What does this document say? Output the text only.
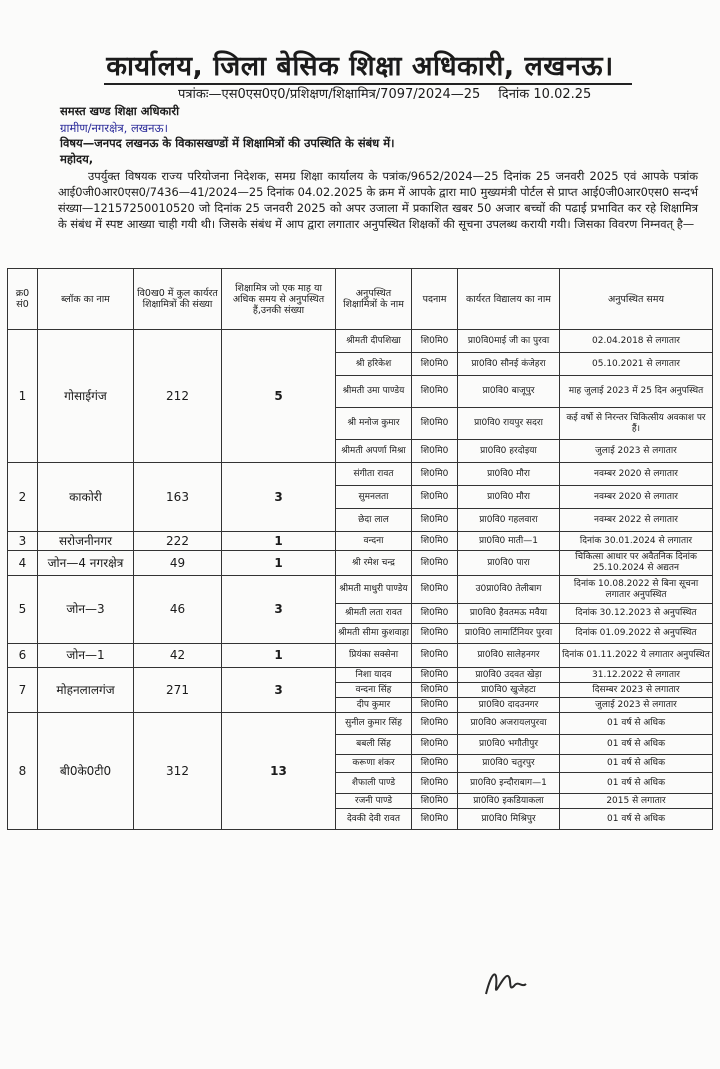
कार्यालय, जिला बेसिक शिक्षा अधिकारी, लखनऊ।
पत्रांकः—एस0एस0ए0/प्रशिक्षण/शिक्षामित्र/7097/2024—25 दिनांक 10.02.25
समस्त खण्ड शिक्षा अधिकारी
ग्रामीण/नगरक्षेत्र, लखनऊ।
विषय—जनपद लखनऊ के विकासखण्डों में शिक्षामित्रों की उपस्थिति के संबंध में।
महोदय,
उपर्युक्त विषयक राज्य परियोजना निदेशक, समग्र शिक्षा कार्यालय के पत्रांक/9652/2024—25 दिनांक 25 जनवरी 2025 एवं आपके पत्रांक आई0जी0आर0एस0/7436—41/2024—25 दिनांक 04.02.2025 के क्रम में आपके द्वारा मा0 मुख्यमंत्री पोर्टल से प्राप्त आई0जी0आर0एस0 सन्दर्भ संख्या—12157250010520 जो दिनांक 25 जनवरी 2025 को अपर उजाला में प्रकाशित खबर 50 अजार बच्चों की पढाई प्रभावित कर रहे शिक्षामित्र के संबंध में स्पष्ट आख्या चाही गयी थी। जिसके संबंध में आप द्वारा लगातार अनुपस्थित शिक्षकों की सूचना उपलब्ध करायी गयी। जिसका विवरण निम्नवत् है—
क्र0 सं0	ब्लॉक का नाम	वि0ख0 में कुल कार्यरत शिक्षामित्रों की संख्या	शिक्षामित्र जो एक माह या अधिक समय से अनुपस्थित हैं,उनकी संख्या	अनुपस्थित शिक्षामित्रों के नाम	पदनाम	कार्यरत विद्यालय का नाम	अनुपस्थित समय
1	गोसाईगंज	212	5	श्रीमती दीपशिखा	शि0मि0	प्रा0वि0माई जी का पुरवा	02.04.2018 से लगातार
				श्री हरिकेश	शि0मि0	प्रा0वि0 सौनई कंजेहरा	05.10.2021 से लगातार
				श्रीमती उमा पाण्डेय	शि0मि0	प्रा0वि0 बाजूपुर	माह जुलाई 2023 में 25 दिन अनुपस्थित
				श्री मनोज कुमार	शि0मि0	प्रा0वि0 रायपुर सदरा	कई वर्षो से निरन्तर चिकित्सीय अवकाश पर हैं।
				श्रीमती अपर्णा मिश्रा	शि0मि0	प्रा0वि0 हरदोइया	जुलाई 2023 से लगातार
2	काकोरी	163	3	संगीता रावत	शि0मि0	प्रा0वि0 मौरा	नवम्बर 2020 से लगातार
				सुमनलता	शि0मि0	प्रा0वि0 मौरा	नवम्बर 2020 से लगातार
				छेदा लाल	शि0मि0	प्रा0वि0 गहलवारा	नवम्बर 2022 से लगातार
3	सरोजनीनगर	222	1	वन्दना	शि0मि0	प्रा0वि0 माती—1	दिनांक 30.01.2024 से लगातार
4	जोन—4 नगरक्षेत्र	49	1	श्री रमेश चन्द्र	शि0मि0	प्रा0वि0 पारा	चिकित्सा आधार पर अवैतनिक दिनांक 25.10.2024 से अद्यतन
5	जोन—3	46	3	श्रीमती माधुरी पाण्डेय	शि0मि0	उ0प्रा0वि0 तेलीबाग	दिनांक 10.08.2022 से बिना सूचना लगातार अनुपस्थित
				श्रीमती लता रावत	शि0मि0	प्रा0वि0 हैवतमऊ मवैया	दिनांक 30.12.2023 से अनुपस्थित
				श्रीमती सीमा कुशवाहा	शि0मि0	प्रा0वि0 लामार्टिनियर पुरवा	दिनांक 01.09.2022 से अनुपस्थित
6	जोन—1	42	1	प्रियंका सक्सेना	शि0मि0	प्रा0वि0 सालेहनगर	दिनांक 01.11.2022 ये लगातार अनुपस्थित
7	मोहनलालगंज	271	3	निशा यादव	शि0मि0	प्रा0वि0 उदवत खेड़ा	31.12.2022 से लगातार
				वन्दना सिंह	शि0मि0	प्रा0वि0 खुजेहटा	दिसम्बर 2023 से लगातार
				दीप कुमार	शि0मि0	प्रा0वि0 दादउनगर	जुलाई 2023 से लगातार
8	बी0के0टी0	312	13	सुनील कुमार सिंह	शि0मि0	प्रा0वि0 अजरायलपुरवा	01 वर्ष से अधिक
				बबली सिंह	शि0मि0	प्रा0वि0 भगौतीपुर	01 वर्ष से अधिक
				करूणा शंकर	शि0मि0	प्रा0वि0 चतुरपुर	01 वर्ष से अधिक
				शैफाली पाण्डे	शि0मि0	प्रा0वि0 इन्दौराबाग—1	01 वर्ष से अधिक
				रजनी पाण्डे	शि0मि0	प्रा0वि0 इकडियाकला	2015 से लगातार
				देवकी देवी रावत	शि0मि0	प्रा0वि0 मिश्रिपुर	01 वर्ष से अधिक
